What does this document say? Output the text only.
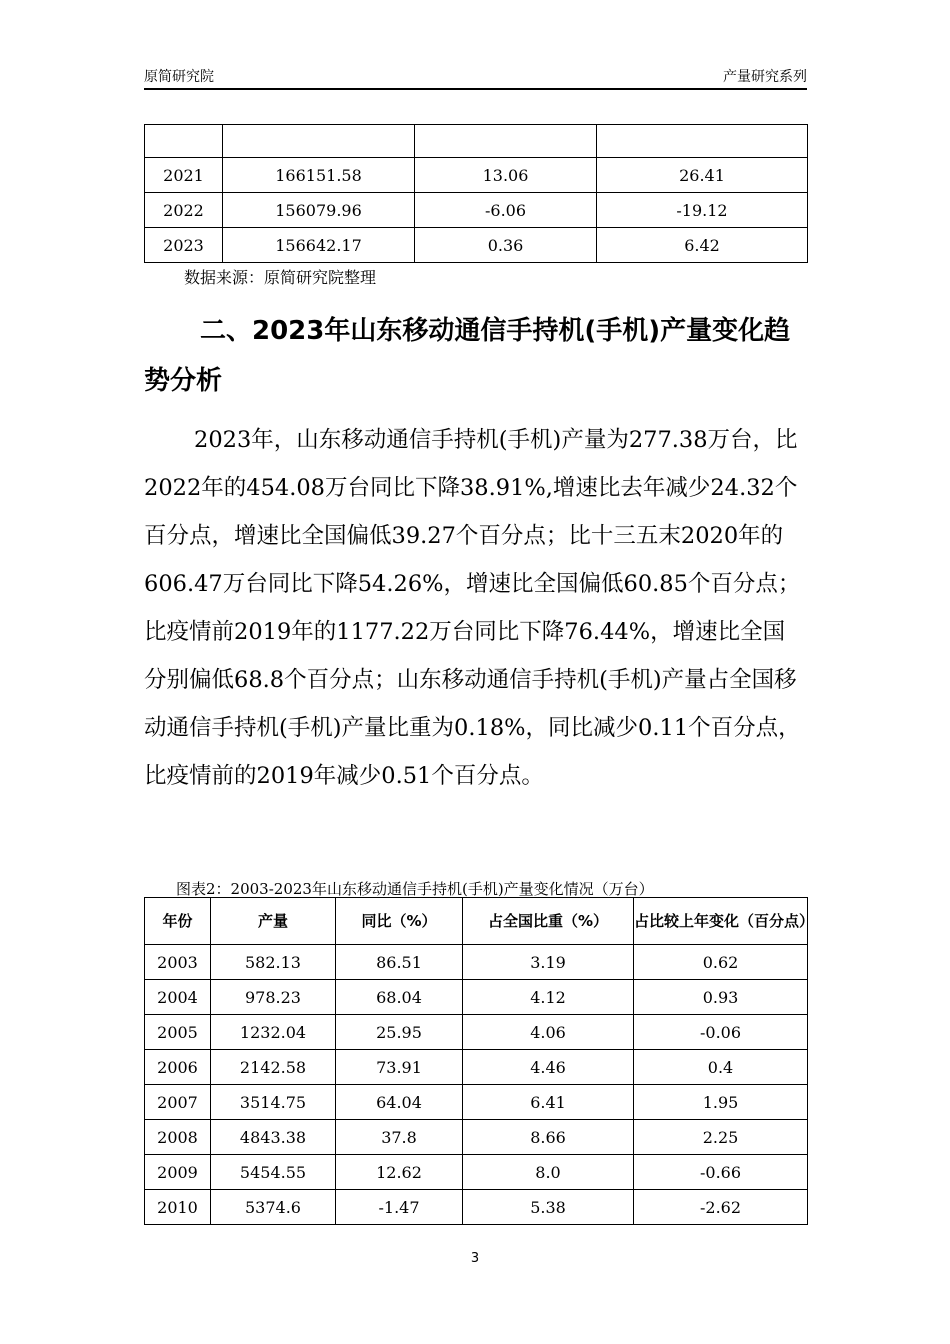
原简研究院	产量研究系列

2021	166151.58	13.06	26.41
2022	156079.96	-6.06	-19.12
2023	156642.17	0.36	6.42
数据来源：原简研究院整理

二、2023年山东移动通信手持机(手机)产量变化趋势分析

2023年，山东移动通信手持机(手机)产量为277.38万台，比2022年的454.08万台同比下降38.91%,增速比去年减少24.32个百分点，增速比全国偏低39.27个百分点；比十三五末2020年的606.47万台同比下降54.26%，增速比全国偏低60.85个百分点；比疫情前2019年的1177.22万台同比下降76.44%，增速比全国分别偏低68.8个百分点；山东移动通信手持机(手机)产量占全国移动通信手持机(手机)产量比重为0.18%，同比减少0.11个百分点，比疫情前的2019年减少0.51个百分点。

图表2：2003-2023年山东移动通信手持机(手机)产量变化情况（万台）
年份	产量	同比（%）	占全国比重（%）	占比较上年变化（百分点）
2003	582.13	86.51	3.19	0.62
2004	978.23	68.04	4.12	0.93
2005	1232.04	25.95	4.06	-0.06
2006	2142.58	73.91	4.46	0.4
2007	3514.75	64.04	6.41	1.95
2008	4843.38	37.8	8.66	2.25
2009	5454.55	12.62	8.0	-0.66
2010	5374.6	-1.47	5.38	-2.62
3
